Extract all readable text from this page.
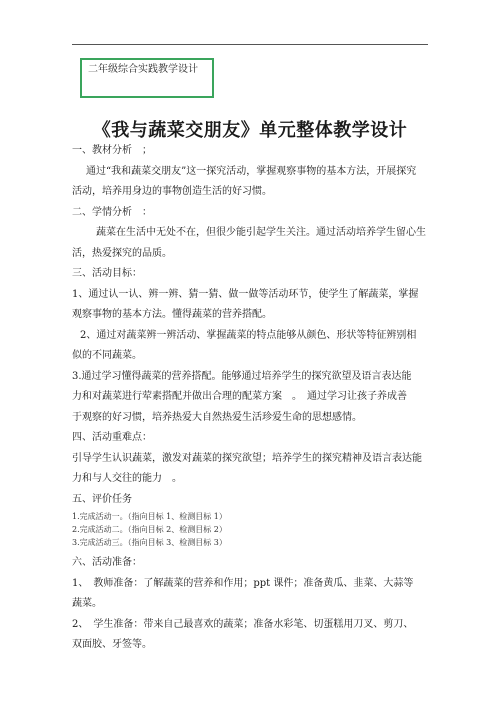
二年级综合实践教学设计
《我与蔬菜交朋友》单元整体教学设计
一、教材分析　；
通过“我和蔬菜交朋友”这一探究活动，掌握观察事物的基本方法，开展探究
活动，培养用身边的事物创造生活的好习惯。
二、学情分析　：
蔬菜在生活中无处不在，但很少能引起学生关注。通过活动培养学生留心生
活，热爱探究的品质。
三、活动目标：
1、通过认一认、辨一辨、猜一猜、做一做等活动环节，使学生了解蔬菜，掌握
观察事物的基本方法。懂得蔬菜的营养搭配。
2、通过对蔬菜辨一辨活动、掌握蔬菜的特点能够从颜色、形状等特征辨别相
似的不同蔬菜。
3.通过学习懂得蔬菜的营养搭配。能够通过培养学生的探究欲望及语言表达能
力和对蔬菜进行荤素搭配并做出合理的配菜方案　。　通过学习让孩子养成善
于观察的好习惯，培养热爱大自然热爱生活珍爱生命的思想感情。
四、活动重难点：
引导学生认识蔬菜，激发对蔬菜的探究欲望；培养学生的探究精神及语言表达能
力和与人交往的能力　。
五、评价任务
1.完成活动一。（指向目标 1、检测目标 1）
2.完成活动二。（指向目标 2、检测目标 2）
3.完成活动三。（指向目标 3、检测目标 3）
六、活动准备：
1、　教师准备：了解蔬菜的营养和作用；ppt 课件；准备黄瓜、韭菜、大蒜等
蔬菜。
2、　学生准备：带来自己最喜欢的蔬菜；准备水彩笔、切蛋糕用刀叉、剪刀、
双面胶、牙签等。
